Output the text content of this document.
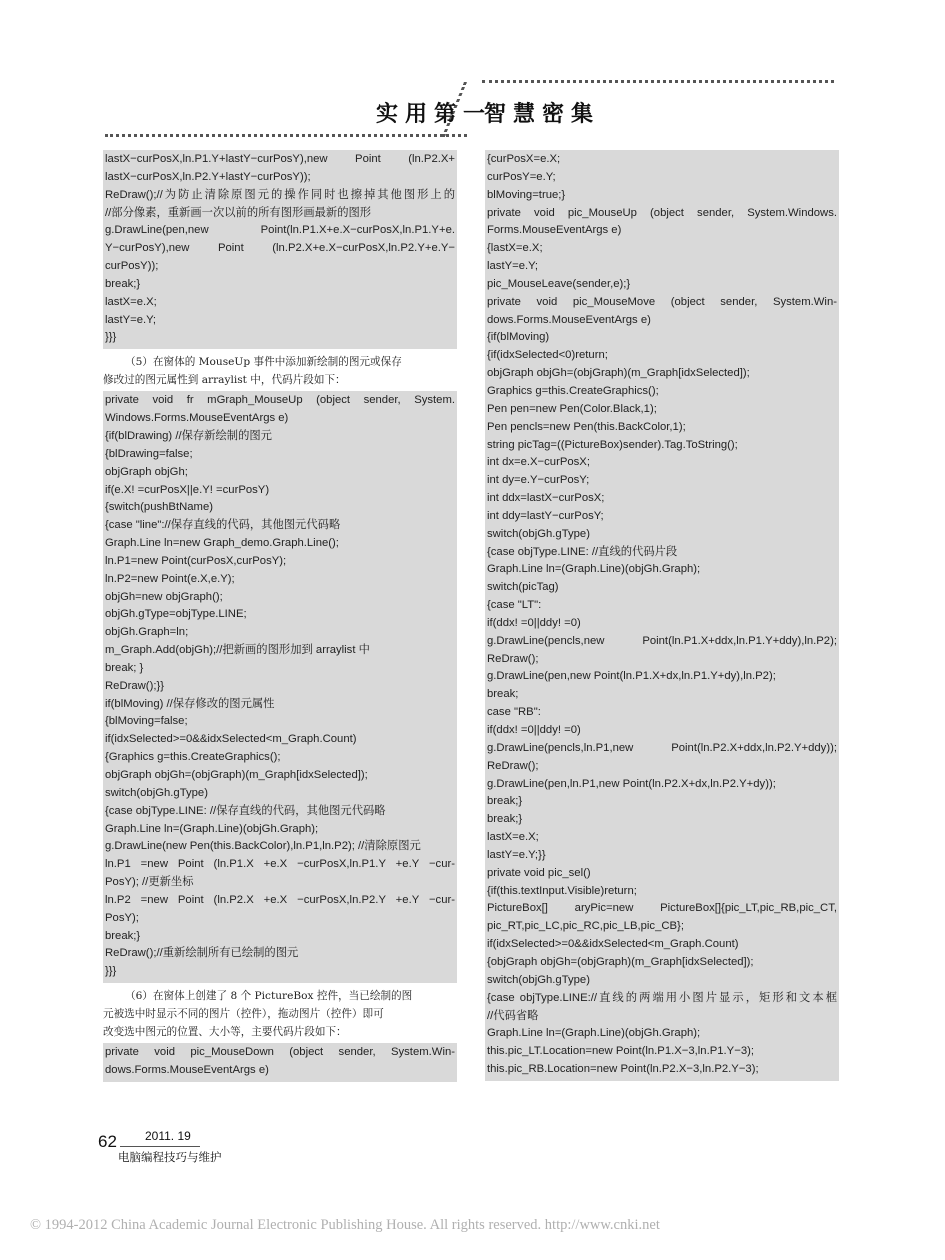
实用第一
智慧密集
lastX−curPosX,ln.P1.Y+lastY−curPosY),new Point (ln.P2.X+
lastX−curPosX,ln.P2.Y+lastY−curPosY));
ReDraw();//为防止清除原图元的操作同时也擦掉其他图形上的
//部分像素，重新画一次以前的所有图形画最新的图形
g.DrawLine(pen,new Point(ln.P1.X+e.X−curPosX,ln.P1.Y+e.
Y−curPosY),new Point (ln.P2.X+e.X−curPosX,ln.P2.Y+e.Y−
curPosY));
break;}
lastX=e.X;
lastY=e.Y;
}}}
（5）在窗体的 MouseUp 事件中添加新绘制的图元或保存
修改过的图元属性到 arraylist 中，代码片段如下：
private void fr mGraph_MouseUp (object sender, System.
Windows.Forms.MouseEventArgs e)
{if(blDrawing) //保存新绘制的图元
{blDrawing=false;
objGraph objGh;
if(e.X! =curPosX||e.Y! =curPosY)
{switch(pushBtName)
{case "line"://保存直线的代码，其他图元代码略
Graph.Line ln=new Graph_demo.Graph.Line();
ln.P1=new Point(curPosX,curPosY);
ln.P2=new Point(e.X,e.Y);
objGh=new objGraph();
objGh.gType=objType.LINE;
objGh.Graph=ln;
m_Graph.Add(objGh);//把新画的图形加到 arraylist 中
break; }
ReDraw();}}
if(blMoving) //保存修改的图元属性
{blMoving=false;
if(idxSelected>=0&&idxSelected<m_Graph.Count)
{Graphics g=this.CreateGraphics();
objGraph objGh=(objGraph)(m_Graph[idxSelected]);
switch(objGh.gType)
{case objType.LINE: //保存直线的代码，其他图元代码略
Graph.Line ln=(Graph.Line)(objGh.Graph);
g.DrawLine(new Pen(this.BackColor),ln.P1,ln.P2); //清除原图元
ln.P1 =new Point (ln.P1.X +e.X −curPosX,ln.P1.Y +e.Y −cur-
PosY); //更新坐标
ln.P2 =new Point (ln.P2.X +e.X −curPosX,ln.P2.Y +e.Y −cur-
PosY);
break;}
ReDraw();//重新绘制所有已绘制的图元
}}}
（6）在窗体上创建了 8 个 PictureBox 控件，当已绘制的图
元被选中时显示不同的图片（控件），拖动图片（控件）即可
改变选中图元的位置、大小等，主要代码片段如下：
private void pic_MouseDown (object sender, System.Win-
dows.Forms.MouseEventArgs e)
{curPosX=e.X;
curPosY=e.Y;
blMoving=true;}
private void pic_MouseUp (object sender, System.Windows.
Forms.MouseEventArgs e)
{lastX=e.X;
lastY=e.Y;
pic_MouseLeave(sender,e);}
private void pic_MouseMove (object sender, System.Win-
dows.Forms.MouseEventArgs e)
{if(blMoving)
{if(idxSelected<0)return;
objGraph objGh=(objGraph)(m_Graph[idxSelected]);
Graphics g=this.CreateGraphics();
Pen pen=new Pen(Color.Black,1);
Pen pencls=new Pen(this.BackColor,1);
string picTag=((PictureBox)sender).Tag.ToString();
int dx=e.X−curPosX;
int dy=e.Y−curPosY;
int ddx=lastX−curPosX;
int ddy=lastY−curPosY;
switch(objGh.gType)
{case objType.LINE: //直线的代码片段
Graph.Line ln=(Graph.Line)(objGh.Graph);
switch(picTag)
{case "LT":
if(ddx! =0||ddy! =0)
g.DrawLine(pencls,new Point(ln.P1.X+ddx,ln.P1.Y+ddy),ln.P2);
ReDraw();
g.DrawLine(pen,new Point(ln.P1.X+dx,ln.P1.Y+dy),ln.P2);
break;
case "RB":
if(ddx! =0||ddy! =0)
g.DrawLine(pencls,ln.P1,new Point(ln.P2.X+ddx,ln.P2.Y+ddy));
ReDraw();
g.DrawLine(pen,ln.P1,new Point(ln.P2.X+dx,ln.P2.Y+dy));
break;}
break;}
lastX=e.X;
lastY=e.Y;}}
private void pic_sel()
{if(this.textInput.Visible)return;
PictureBox[] aryPic=new PictureBox[]{pic_LT,pic_RB,pic_CT,
pic_RT,pic_LC,pic_RC,pic_LB,pic_CB};
if(idxSelected>=0&&idxSelected<m_Graph.Count)
{objGraph objGh=(objGraph)(m_Graph[idxSelected]);
switch(objGh.gType)
{case objType.LINE://直线的两端用小图片显示，矩形和文本框
//代码省略
Graph.Line ln=(Graph.Line)(objGh.Graph);
this.pic_LT.Location=new Point(ln.P1.X−3,ln.P1.Y−3);
this.pic_RB.Location=new Point(ln.P2.X−3,ln.P2.Y−3);
62 2011. 19
电脑编程技巧与维护
© 1994-2012 China Academic Journal Electronic Publishing House. All rights reserved. http://www.cnki.net
